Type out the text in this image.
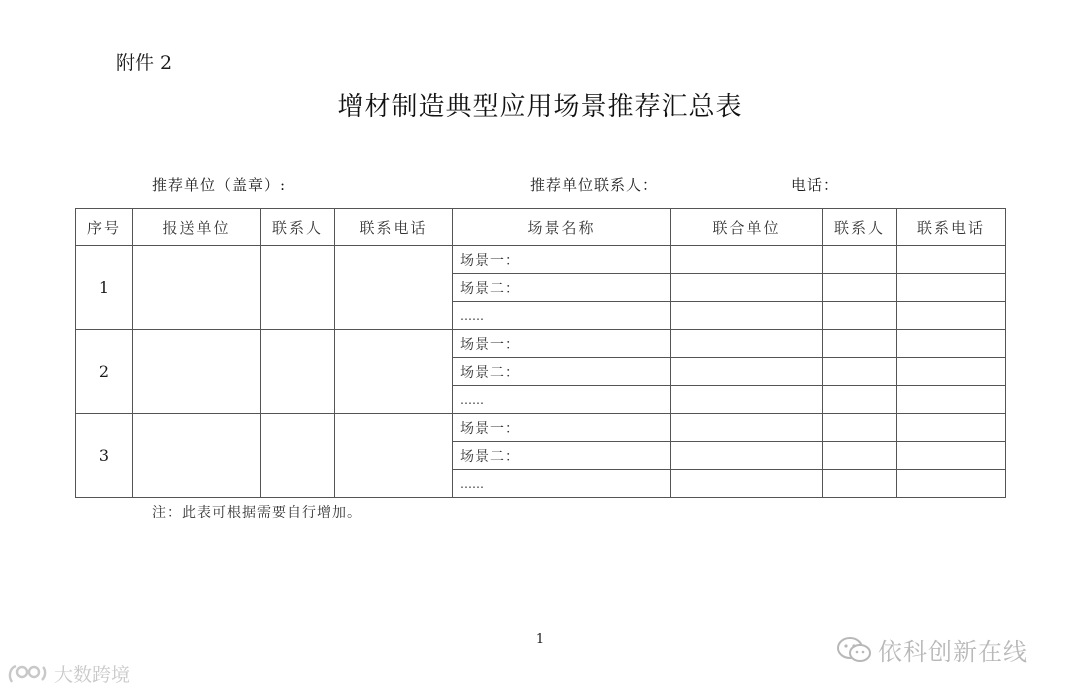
附件 2
增材制造典型应用场景推荐汇总表
推荐单位（盖章）:	推荐单位联系人：	电话：
序号	报送单位	联系人	联系电话	场景名称	联合单位	联系人	联系电话
1				场景一：			
				场景二：			
				……			
2				场景一：			
				场景二：			
				……			
3				场景一：			
				场景二：			
				……			
注：此表可根据需要自行增加。
1	依科创新在线
大数跨境
